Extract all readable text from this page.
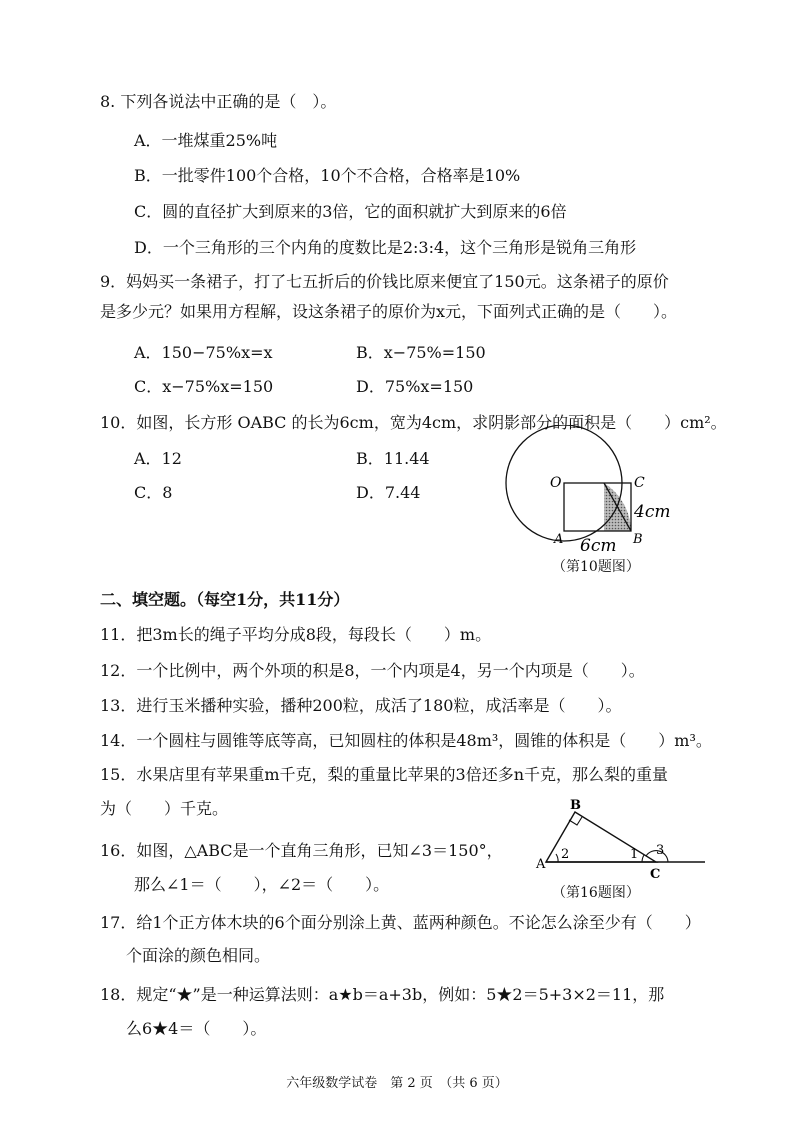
8. 下列各说法中正确的是（　）。
A．一堆煤重25%吨
B．一批零件100个合格，10个不合格，合格率是10%
C．圆的直径扩大到原来的3倍，它的面积就扩大到原来的6倍
D．一个三角形的三个内角的度数比是2:3:4，这个三角形是锐角三角形
9．妈妈买一条裙子，打了七五折后的价钱比原来便宜了150元。这条裙子的原价
是多少元？如果用方程解，设这条裙子的原价为x元，下面列式正确的是（　　）。
A．150−75%x=x	B．x−75%=150
C．x−75%x=150	D．75%x=150
10．如图，长方形 OABC 的长为6cm，宽为4cm，求阴影部分的面积是（　　）cm²。
A．12	B．11.44
C．8	D．7.44	O	C
A	B
4cm
6cm
（第10题图）
二、填空题。（每空1分，共11分）
11．把3m长的绳子平均分成8段，每段长（　　）m。
12．一个比例中，两个外项的积是8，一个内项是4，另一个内项是（　　）。
13．进行玉米播种实验，播种200粒，成活了180粒，成活率是（　　）。
14．一个圆柱与圆锥等底等高，已知圆柱的体积是48m³，圆锥的体积是（　　）m³。
15．水果店里有苹果重m千克，梨的重量比苹果的3倍还多n千克，那么梨的重量
为（　　）千克。
16．如图，△ABC是一个直角三角形，已知∠3＝150°，
那么∠1＝（　　），∠2＝（　　）。
B
A
C
2	1 3
（第16题图）
17．给1个正方体木块的6个面分别涂上黄、蓝两种颜色。不论怎么涂至少有（　　）
个面涂的颜色相同。
18．规定“★”是一种运算法则：a★b＝a+3b，例如：5★2＝5+3×2＝11，那
么6★4＝（　　）。
六年级数学试卷　第 2 页　（共 6 页）
